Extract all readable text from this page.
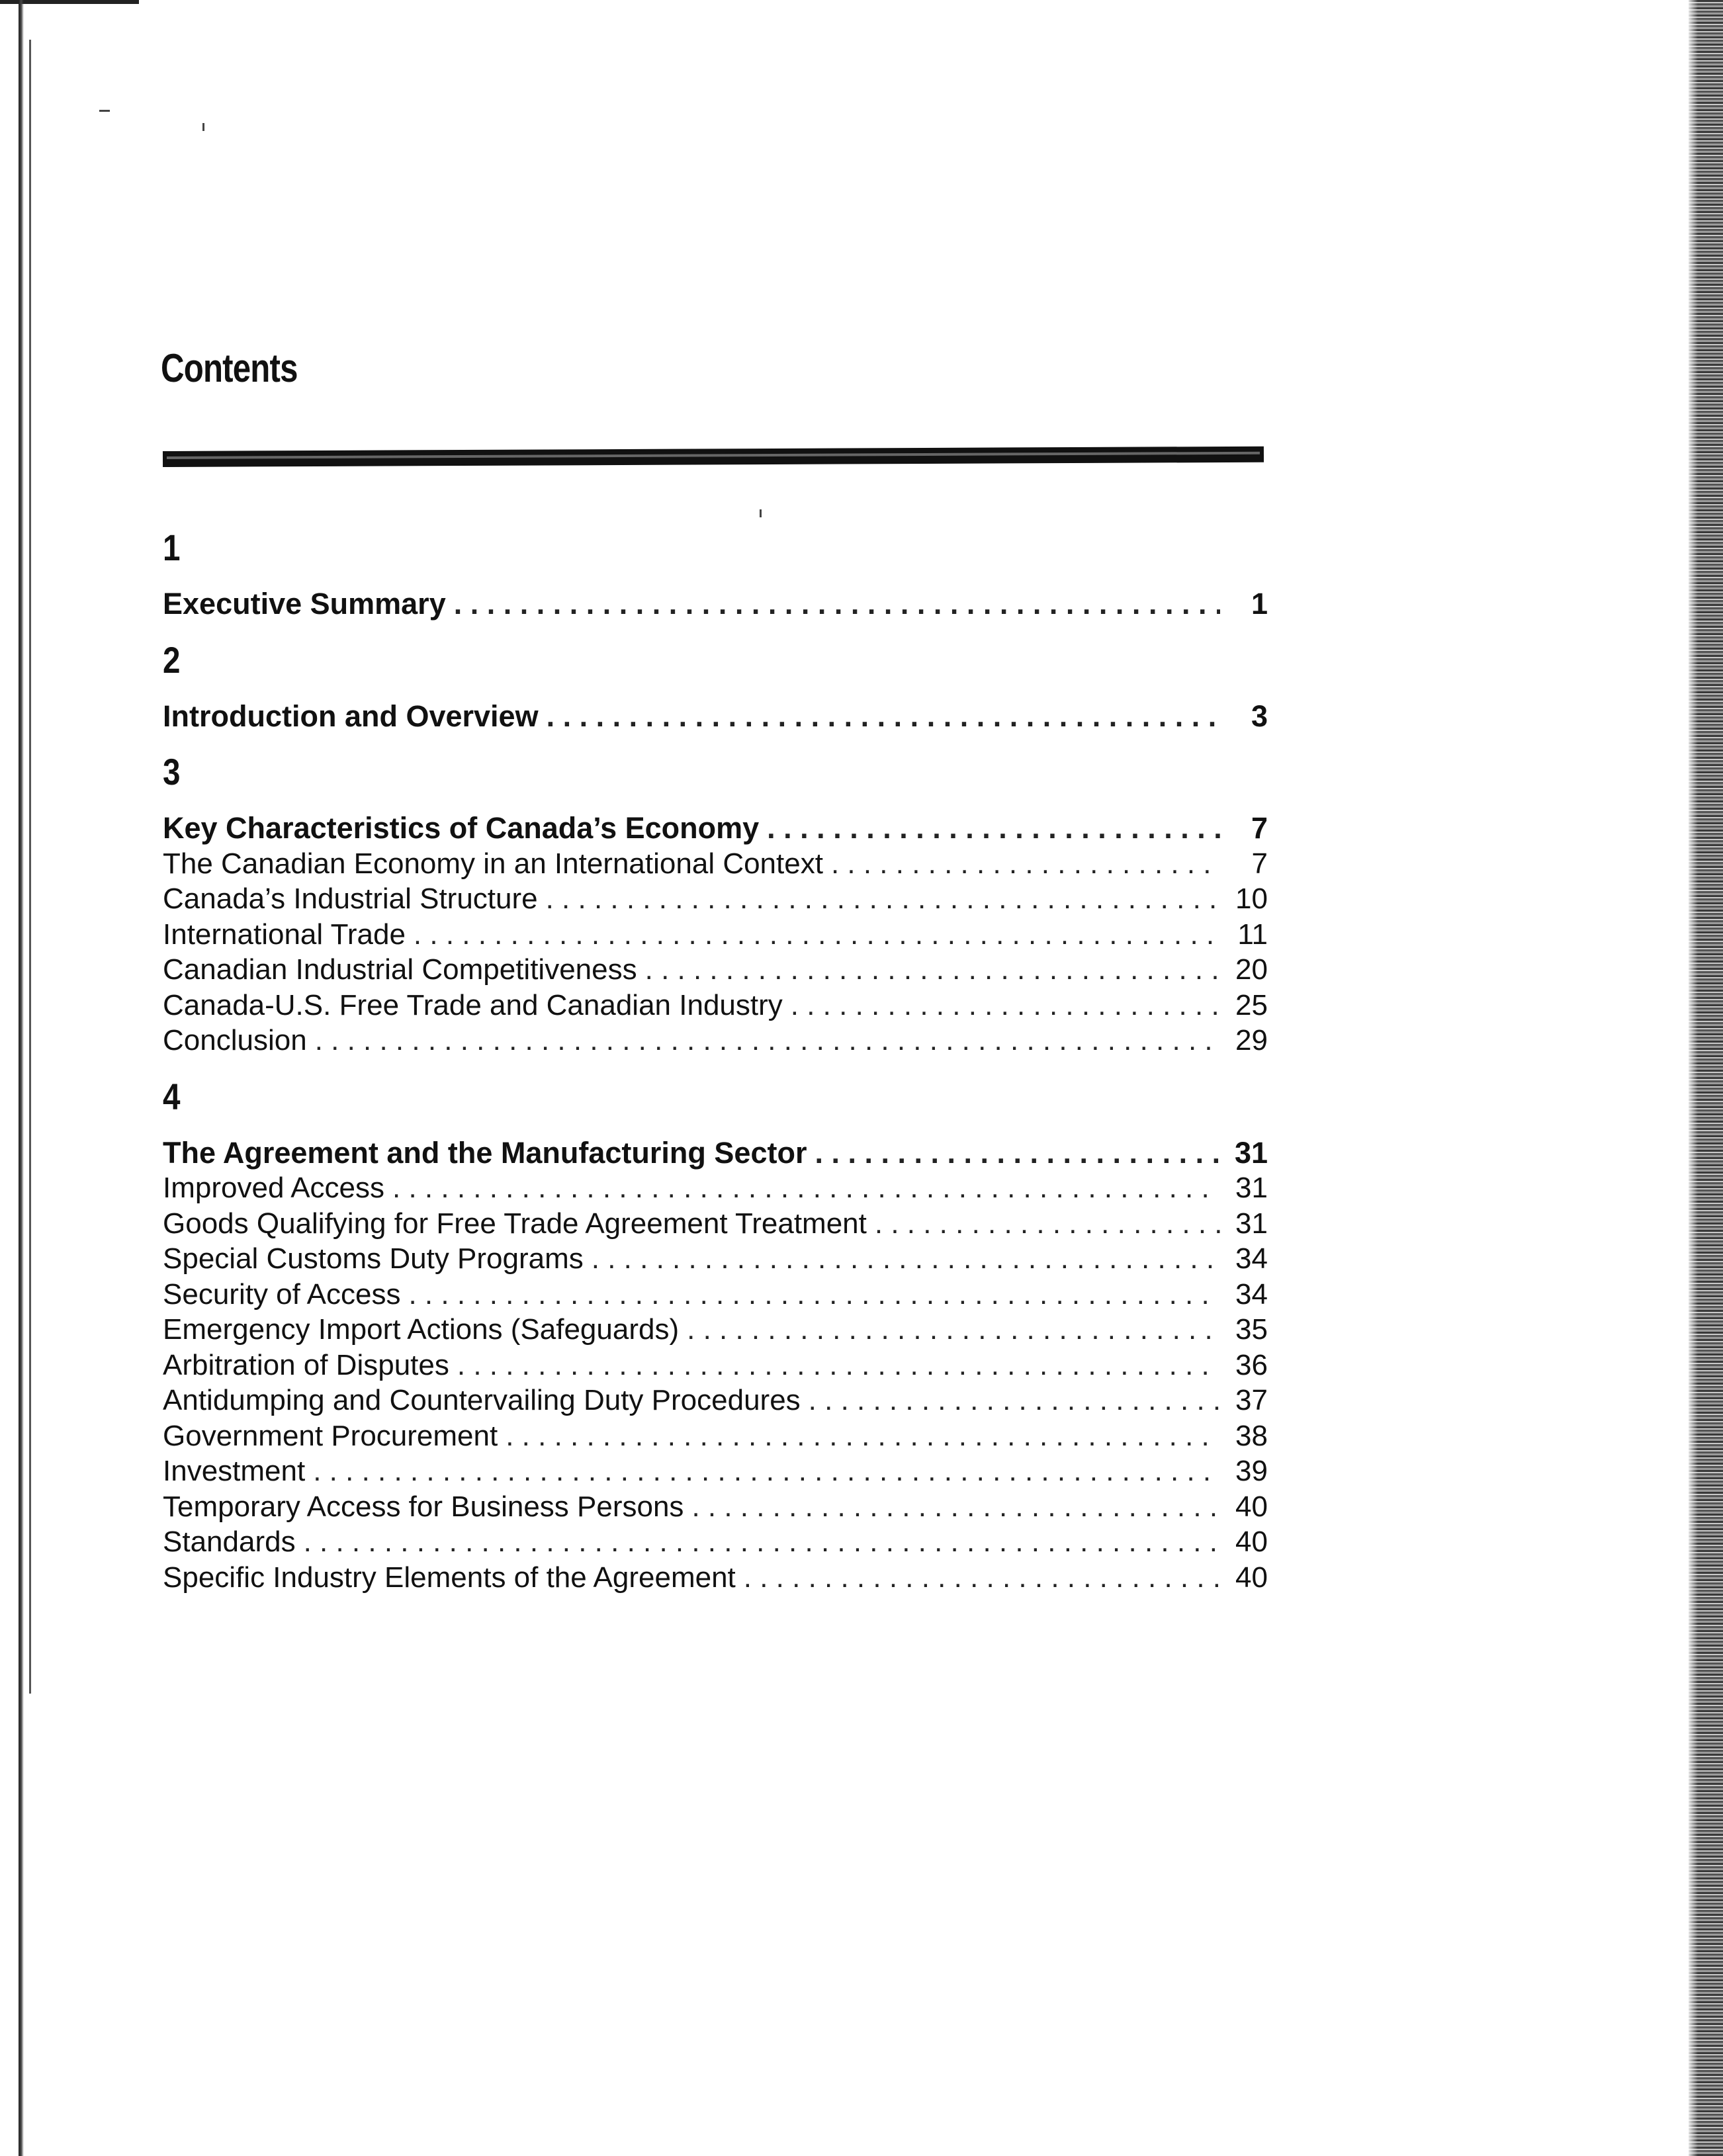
Contents
1
Executive Summary . . .	1
2
Introduction and Overview . . .	3
3
Key Characteristics of Canada’s Economy . . .	7
The Canadian Economy in an International Context . . .	7
Canada’s Industrial Structure . . .	10
International Trade . . .	11
Canadian Industrial Competitiveness . . .	20
Canada-U.S. Free Trade and Canadian Industry . . .	25
Conclusion . . .	29
4
The Agreement and the Manufacturing Sector . . .	31
Improved Access . . .	31
Goods Qualifying for Free Trade Agreement Treatment . . .	31
Special Customs Duty Programs . . .	34
Security of Access . . .	34
Emergency Import Actions (Safeguards) . . .	35
Arbitration of Disputes . . .	36
Antidumping and Countervailing Duty Procedures . . .	37
Government Procurement . . .	38
Investment . . .	39
Temporary Access for Business Persons . . .	40
Standards . . .	40
Specific Industry Elements of the Agreement . . .	40
